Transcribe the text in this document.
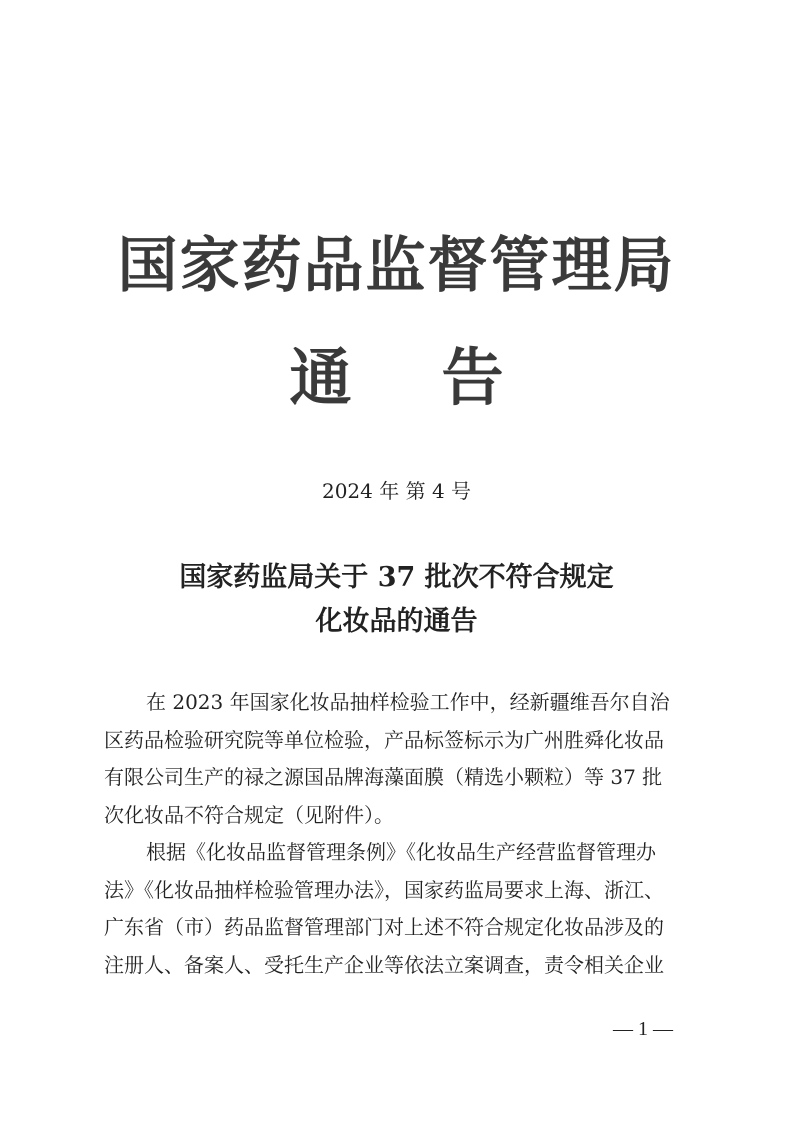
国家药品监督管理局
通 告
2024 年 第 4 号
国家药监局关于 37 批次不符合规定
化妆品的通告
在 2023 年国家化妆品抽样检验工作中，经新疆维吾尔自治
区药品检验研究院等单位检验，产品标签标示为广州胜舜化妆品
有限公司生产的禄之源国品牌海藻面膜（精选小颗粒）等 37 批
次化妆品不符合规定（见附件）。
根据《化妆品监督管理条例》《化妆品生产经营监督管理办
法》《化妆品抽样检验管理办法》，国家药监局要求上海、浙江、
广东省（市）药品监督管理部门对上述不符合规定化妆品涉及的
注册人、备案人、受托生产企业等依法立案调查，责令相关企业
— 1 —
